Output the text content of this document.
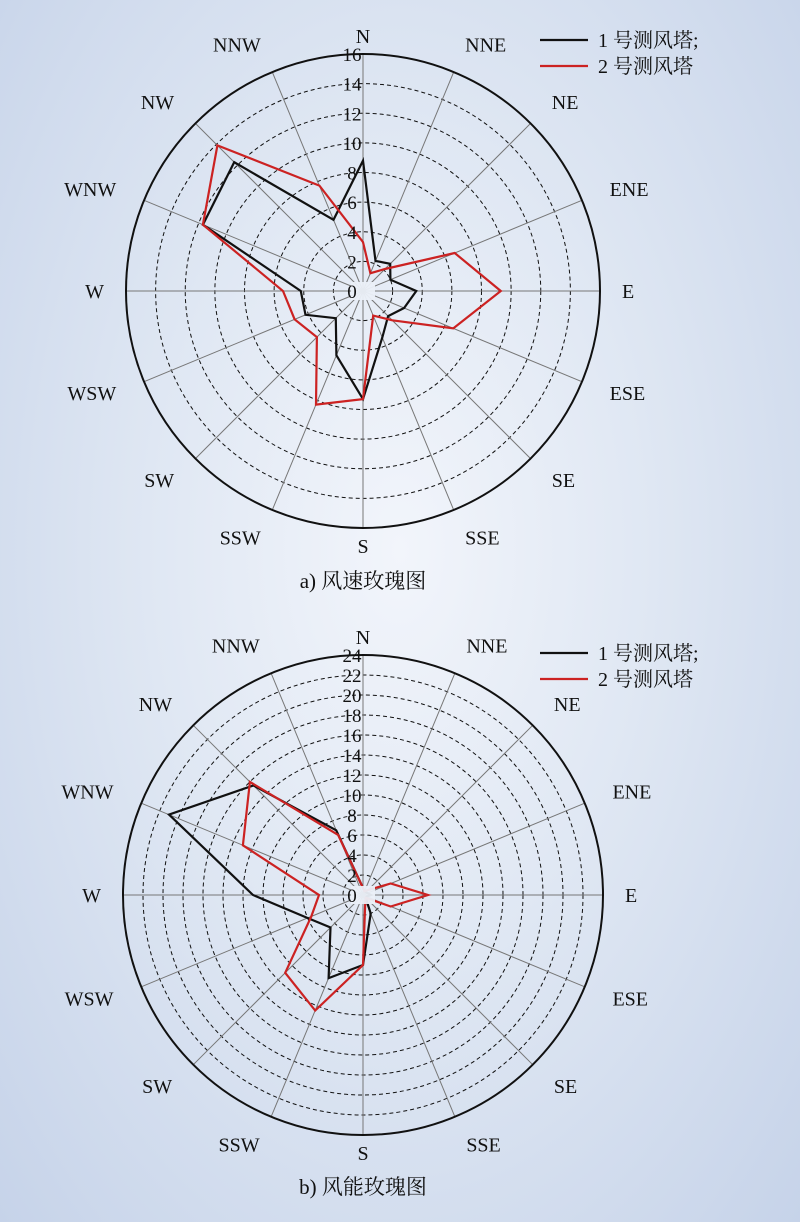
0
2
4
6
8
10
12
14
16
N	NNE
NE
ENE
E
ESE
SE
SSE
S
SSW
SW
WSW
W
WNW
NW
NNW	1 号测风塔;
2 号测风塔
a) 风速玫瑰图
0
2
4
6
8
10
12
14
16
18
20
22
24
N	NNE
NE
ENE
E
ESE
SE
SSE
S
SSW
SW
WSW
W
WNW
NW
NNW	1 号测风塔;
2 号测风塔
b) 风能玫瑰图
